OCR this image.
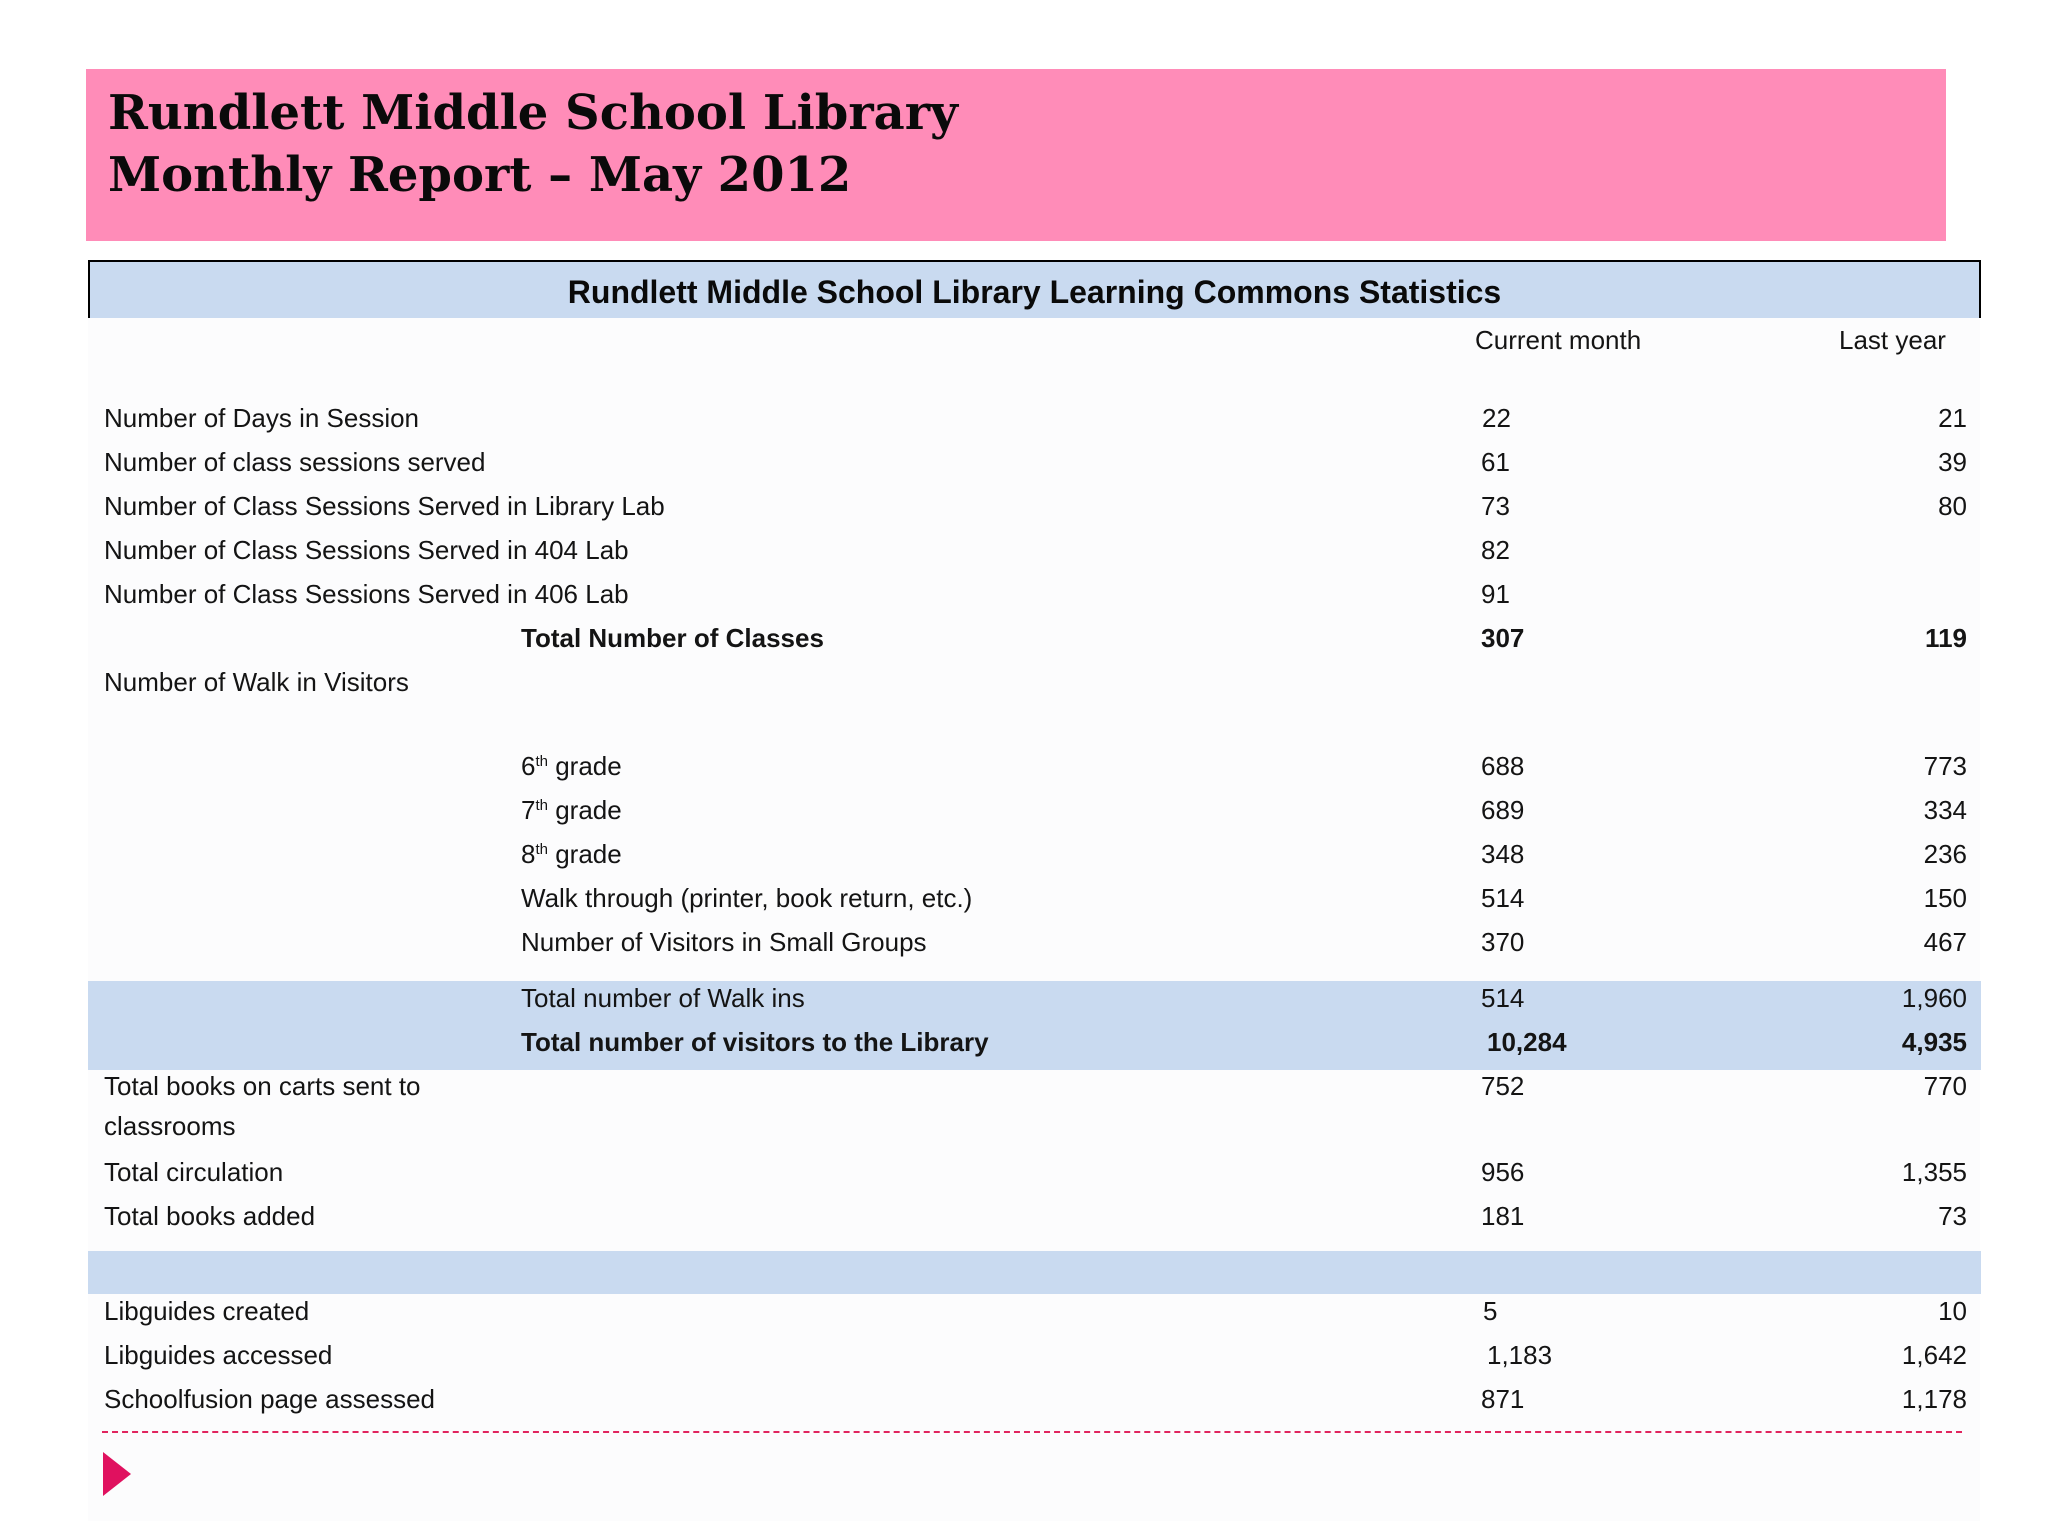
Rundlett Middle School Library
Monthly Report – May 2012
Rundlett Middle School Library Learning Commons Statistics
Current month	Last year
Number of Days in Session	22	21
Number of class sessions served	61	39
Number of Class Sessions Served in Library Lab	73	80
Number of Class Sessions Served in 404 Lab	82
Number of Class Sessions Served in 406 Lab	91
Total Number of Classes	307	119
Number of Walk in Visitors
6th grade	688	773
7th grade	689	334
8th grade	348	236
Walk through (printer, book return, etc.)	514	150
Number of Visitors in Small Groups	370	467
Total number of Walk ins	514	1,960
Total number of visitors to the Library	10,284	4,935
Total books on carts sent to
classrooms
752	770
Total circulation	956	1,355
Total books added	181	73
Libguides created	5	10
Libguides accessed	1,183	1,642
Schoolfusion page assessed	871	1,178
